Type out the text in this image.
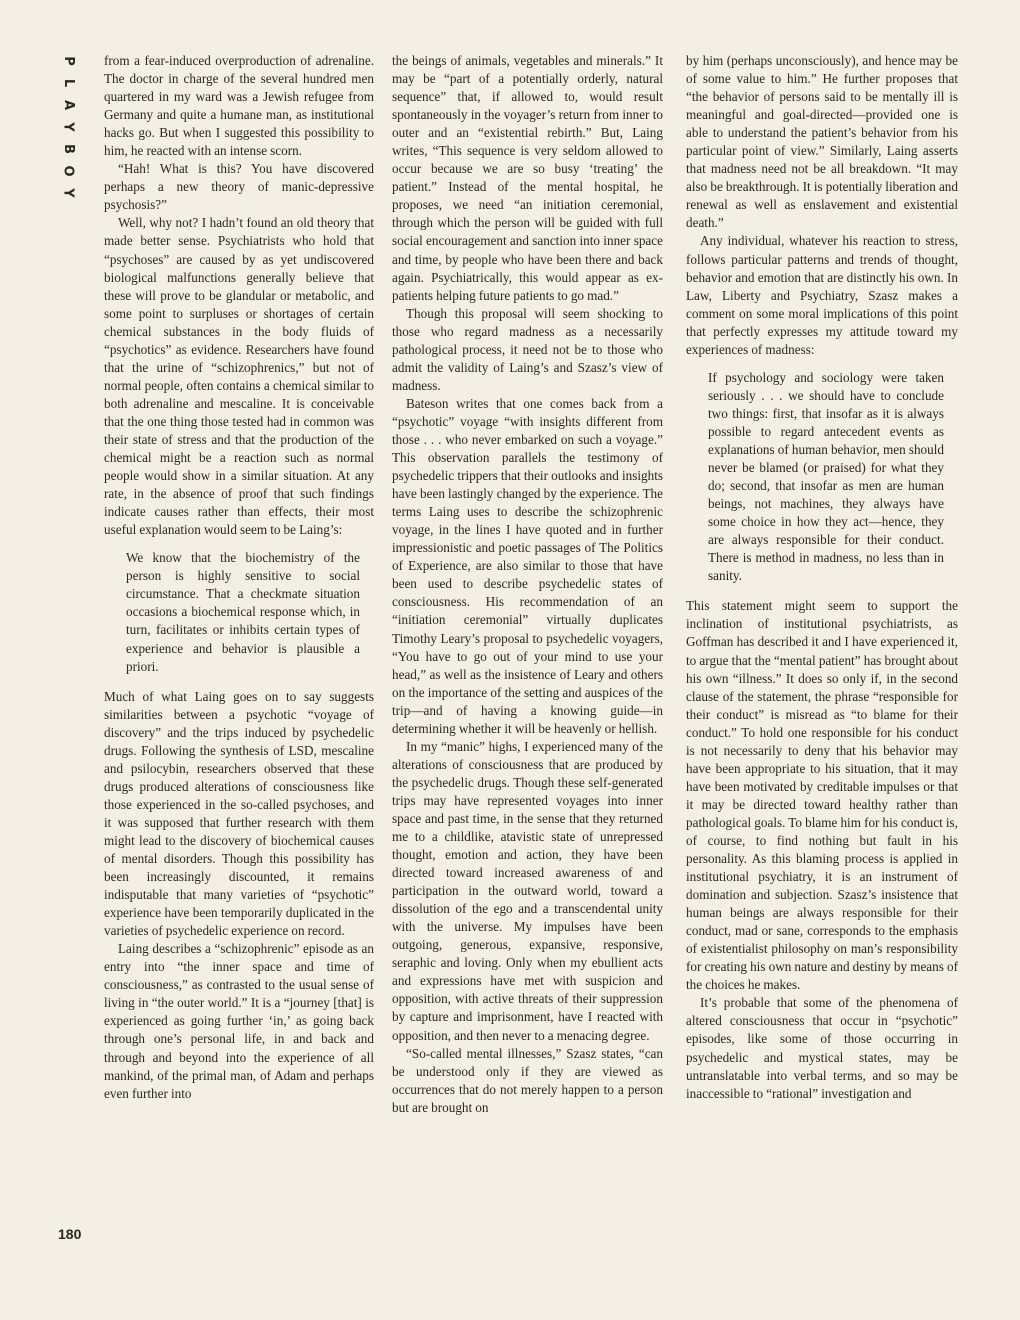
P
L
A
Y
B
O
Y
180

from a fear-induced overproduction of adrenaline. The doctor in charge of the several hundred men quartered in my ward was a Jewish refugee from Germany and quite a humane man, as institutional hacks go. But when I suggested this possibility to him, he reacted with an intense scorn.

“Hah! What is this? You have discovered perhaps a new theory of manic-depressive psychosis?”

Well, why not? I hadn’t found an old theory that made better sense. Psychiatrists who hold that “psychoses” are caused by as yet undiscovered biological malfunctions generally believe that these will prove to be glandular or metabolic, and some point to surpluses or shortages of certain chemical substances in the body fluids of “psychotics” as evidence. Researchers have found that the urine of “schizophrenics,” but not of normal people, often contains a chemical similar to both adrenaline and mescaline. It is conceivable that the one thing those tested had in common was their state of stress and that the production of the chemical might be a reaction such as normal people would show in a similar situation. At any rate, in the absence of proof that such findings indicate causes rather than effects, their most useful explanation would seem to be Laing’s:

We know that the biochemistry of the person is highly sensitive to social circumstance. That a checkmate situation occasions a biochemical response which, in turn, facilitates or inhibits certain types of experience and behavior is plausible a priori.

Much of what Laing goes on to say suggests similarities between a psychotic “voyage of discovery” and the trips induced by psychedelic drugs. Following the synthesis of LSD, mescaline and psilocybin, researchers observed that these drugs produced alterations of consciousness like those experienced in the so-called psychoses, and it was supposed that further research with them might lead to the discovery of biochemical causes of mental disorders. Though this possibility has been increasingly discounted, it remains indisputable that many varieties of “psychotic” experience have been temporarily duplicated in the varieties of psychedelic experience on record.

Laing describes a “schizophrenic” episode as an entry into “the inner space and time of consciousness,” as contrasted to the usual sense of living in “the outer world.” It is a “journey [that] is experienced as going further ‘in,’ as going back through one’s personal life, in and back and through and beyond into the experience of all mankind, of the primal man, of Adam and perhaps even further into

the beings of animals, vegetables and minerals.” It may be “part of a potentially orderly, natural sequence” that, if allowed to, would result spontaneously in the voyager’s return from inner to outer and an “existential rebirth.” But, Laing writes, “This sequence is very seldom allowed to occur because we are so busy ‘treating’ the patient.” Instead of the mental hospital, he proposes, we need “an initiation ceremonial, through which the person will be guided with full social encouragement and sanction into inner space and time, by people who have been there and back again. Psychiatrically, this would appear as ex-patients helping future patients to go mad.”

Though this proposal will seem shocking to those who regard madness as a necessarily pathological process, it need not be to those who admit the validity of Laing’s and Szasz’s view of madness.

Bateson writes that one comes back from a “psychotic” voyage “with insights different from those . . . who never embarked on such a voyage.” This observation parallels the testimony of psychedelic trippers that their outlooks and insights have been lastingly changed by the experience. The terms Laing uses to describe the schizophrenic voyage, in the lines I have quoted and in further impressionistic and poetic passages of The Politics of Experience, are also similar to those that have been used to describe psychedelic states of consciousness. His recommendation of an “initiation ceremonial” virtually duplicates Timothy Leary’s proposal to psychedelic voyagers, “You have to go out of your mind to use your head,” as well as the insistence of Leary and others on the importance of the setting and auspices of the trip—and of having a knowing guide—in determining whether it will be heavenly or hellish.

In my “manic” highs, I experienced many of the alterations of consciousness that are produced by the psychedelic drugs. Though these self-generated trips may have represented voyages into inner space and past time, in the sense that they returned me to a childlike, atavistic state of unrepressed thought, emotion and action, they have been directed toward increased awareness of and participation in the outward world, toward a dissolution of the ego and a transcendental unity with the universe. My impulses have been outgoing, generous, expansive, responsive, seraphic and loving. Only when my ebullient acts and expressions have met with suspicion and opposition, with active threats of their suppression by capture and imprisonment, have I reacted with opposition, and then never to a menacing degree.

“So-called mental illnesses,” Szasz states, “can be understood only if they are viewed as occurrences that do not merely happen to a person but are brought on

by him (perhaps unconsciously), and hence may be of some value to him.” He further proposes that “the behavior of persons said to be mentally ill is meaningful and goal-directed—provided one is able to understand the patient’s behavior from his particular point of view.” Similarly, Laing asserts that madness need not be all breakdown. “It may also be breakthrough. It is potentially liberation and renewal as well as enslavement and existential death.”

Any individual, whatever his reaction to stress, follows particular patterns and trends of thought, behavior and emotion that are distinctly his own. In Law, Liberty and Psychiatry, Szasz makes a comment on some moral implications of this point that perfectly expresses my attitude toward my experiences of madness:

If psychology and sociology were taken seriously . . . we should have to conclude two things: first, that insofar as it is always possible to regard antecedent events as explanations of human behavior, men should never be blamed (or praised) for what they do; second, that insofar as men are human beings, not machines, they always have some choice in how they act—hence, they are always responsible for their conduct. There is method in madness, no less than in sanity.

This statement might seem to support the inclination of institutional psychiatrists, as Goffman has described it and I have experienced it, to argue that the “mental patient” has brought about his own “illness.” It does so only if, in the second clause of the statement, the phrase “responsible for their conduct” is misread as “to blame for their conduct.” To hold one responsible for his conduct is not necessarily to deny that his behavior may have been appropriate to his situation, that it may have been motivated by creditable impulses or that it may be directed toward healthy rather than pathological goals. To blame him for his conduct is, of course, to find nothing but fault in his personality. As this blaming process is applied in institutional psychiatry, it is an instrument of domination and subjection. Szasz’s insistence that human beings are always responsible for their conduct, mad or sane, corresponds to the emphasis of existentialist philosophy on man’s responsibility for creating his own nature and destiny by means of the choices he makes.

It’s probable that some of the phenomena of altered consciousness that occur in “psychotic” episodes, like some of those occurring in psychedelic and mystical states, may be untranslatable into verbal terms, and so may be inaccessible to “rational” investigation and
